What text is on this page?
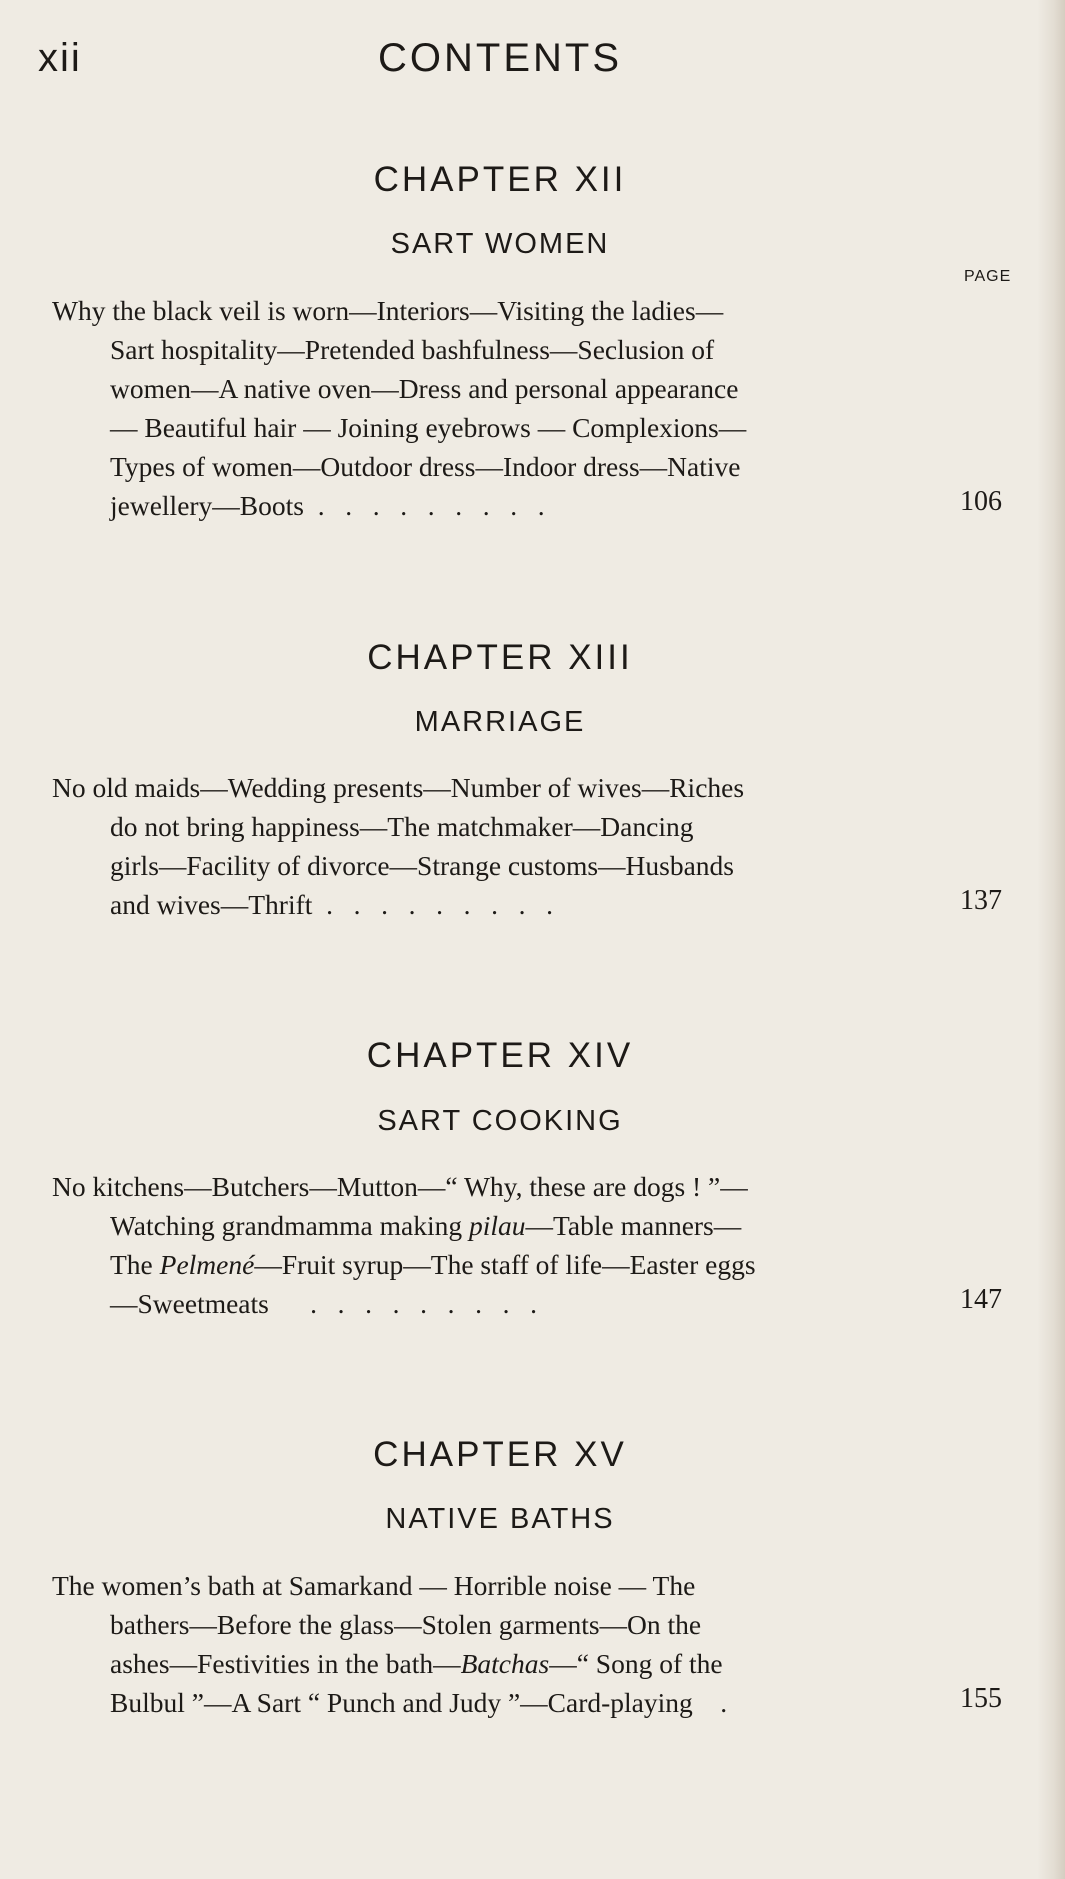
xii	CONTENTS
CHAPTER XII
SART WOMEN
PAGE
Why the black veil is worn—Interiors—Visiting the ladies—
Sart hospitality—Pretended bashfulness—Seclusion of
women—A native oven—Dress and personal appearance
— Beautiful hair — Joining eyebrows — Complexions—
Types of women—Outdoor dress—Indoor dress—Native
jewellery—Boots  .   .   .   .   .   .   .   .   .	106
CHAPTER XIII
MARRIAGE
No old maids—Wedding presents—Number of wives—Riches
do not bring happiness—The matchmaker—Dancing
girls—Facility of divorce—Strange customs—Husbands
and wives—Thrift  .   .   .   .   .   .   .   .   .	137
CHAPTER XIV
SART COOKING
No kitchens—Butchers—Mutton—“ Why, these are dogs ! ”—
Watching grandmamma making pilau—Table manners—
The Pelmené—Fruit syrup—The staff of life—Easter eggs
—Sweetmeats      .   .   .   .   .   .   .   .   .	147
CHAPTER XV
NATIVE BATHS
The women’s bath at Samarkand — Horrible noise — The
bathers—Before the glass—Stolen garments—On the
ashes—Festivities in the bath—Batchas—“ Song of the
Bulbul ”—A Sart “ Punch and Judy ”—Card-playing    .	155
